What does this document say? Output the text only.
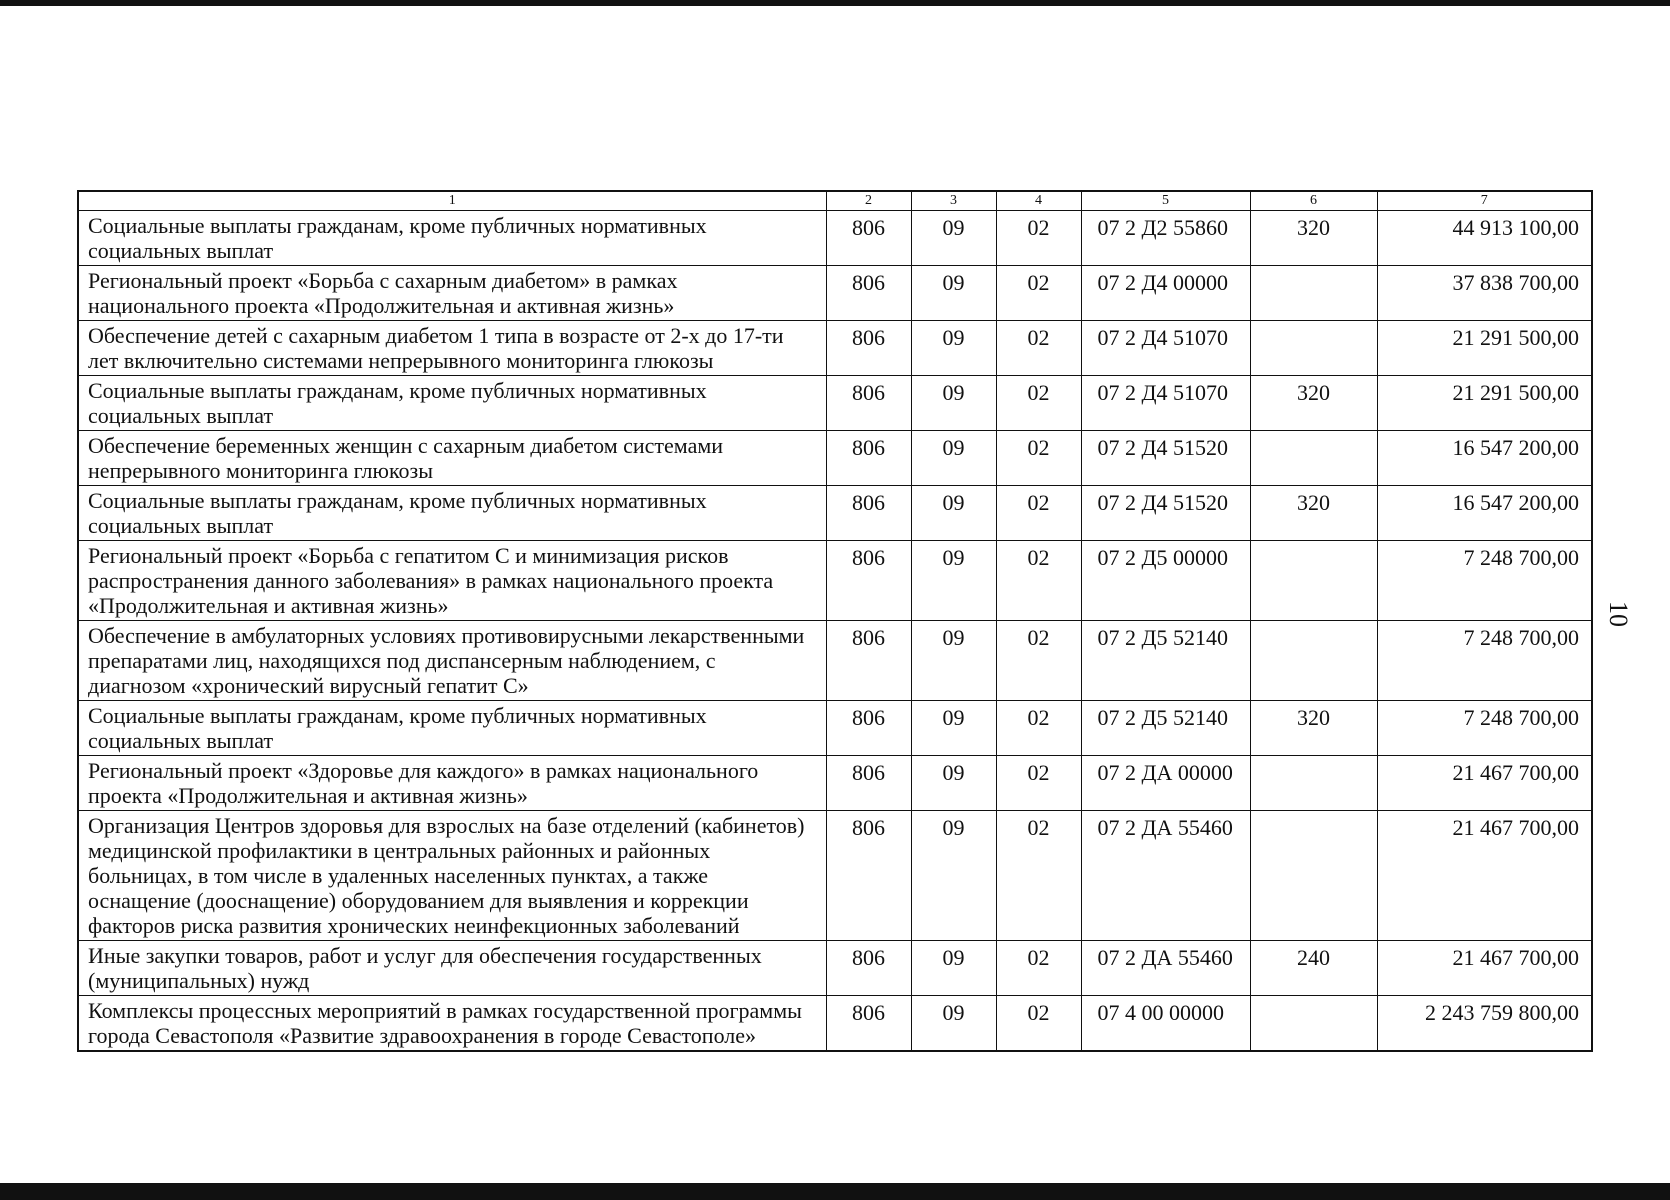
1	2	3	4	5	6	7
Социальные выплаты гражданам, кроме публичных нормативных социальных выплат	806	09	02	07 2 Д2 55860	320	44 913 100,00
Региональный проект «Борьба с сахарным диабетом» в рамках национального проекта «Продолжительная и активная жизнь»	806	09	02	07 2 Д4 00000		37 838 700,00
Обеспечение детей с сахарным диабетом 1 типа в возрасте от 2-х до 17-ти лет включительно системами непрерывного мониторинга глюкозы	806	09	02	07 2 Д4 51070		21 291 500,00
Социальные выплаты гражданам, кроме публичных нормативных социальных выплат	806	09	02	07 2 Д4 51070	320	21 291 500,00
Обеспечение беременных женщин с сахарным диабетом системами непрерывного мониторинга глюкозы	806	09	02	07 2 Д4 51520		16 547 200,00
Социальные выплаты гражданам, кроме публичных нормативных социальных выплат	806	09	02	07 2 Д4 51520	320	16 547 200,00
Региональный проект «Борьба с гепатитом С и минимизация рисков распространения данного заболевания» в рамках национального проекта «Продолжительная и активная жизнь»	806	09	02	07 2 Д5 00000		7 248 700,00
Обеспечение в амбулаторных условиях противовирусными лекарственными препаратами лиц, находящихся под диспансерным наблюдением, с диагнозом «хронический вирусный гепатит С»	806	09	02	07 2 Д5 52140		7 248 700,00
Социальные выплаты гражданам, кроме публичных нормативных социальных выплат	806	09	02	07 2 Д5 52140	320	7 248 700,00
Региональный проект «Здоровье для каждого» в рамках национального проекта «Продолжительная и активная жизнь»	806	09	02	07 2 ДА 00000		21 467 700,00
Организация Центров здоровья для взрослых на базе отделений (кабинетов) медицинской профилактики в центральных районных и районных больницах, в том числе в удаленных населенных пунктах, а также оснащение (дооснащение) оборудованием для выявления и коррекции факторов риска развития хронических неинфекционных заболеваний	806	09	02	07 2 ДА 55460		21 467 700,00
Иные закупки товаров, работ и услуг для обеспечения государственных (муниципальных) нужд	806	09	02	07 2 ДА 55460	240	21 467 700,00
Комплексы процессных мероприятий в рамках государственной программы города Севастополя «Развитие здравоохранения в городе Севастополе»	806	09	02	07 4 00 00000		2 243 759 800,00
10
